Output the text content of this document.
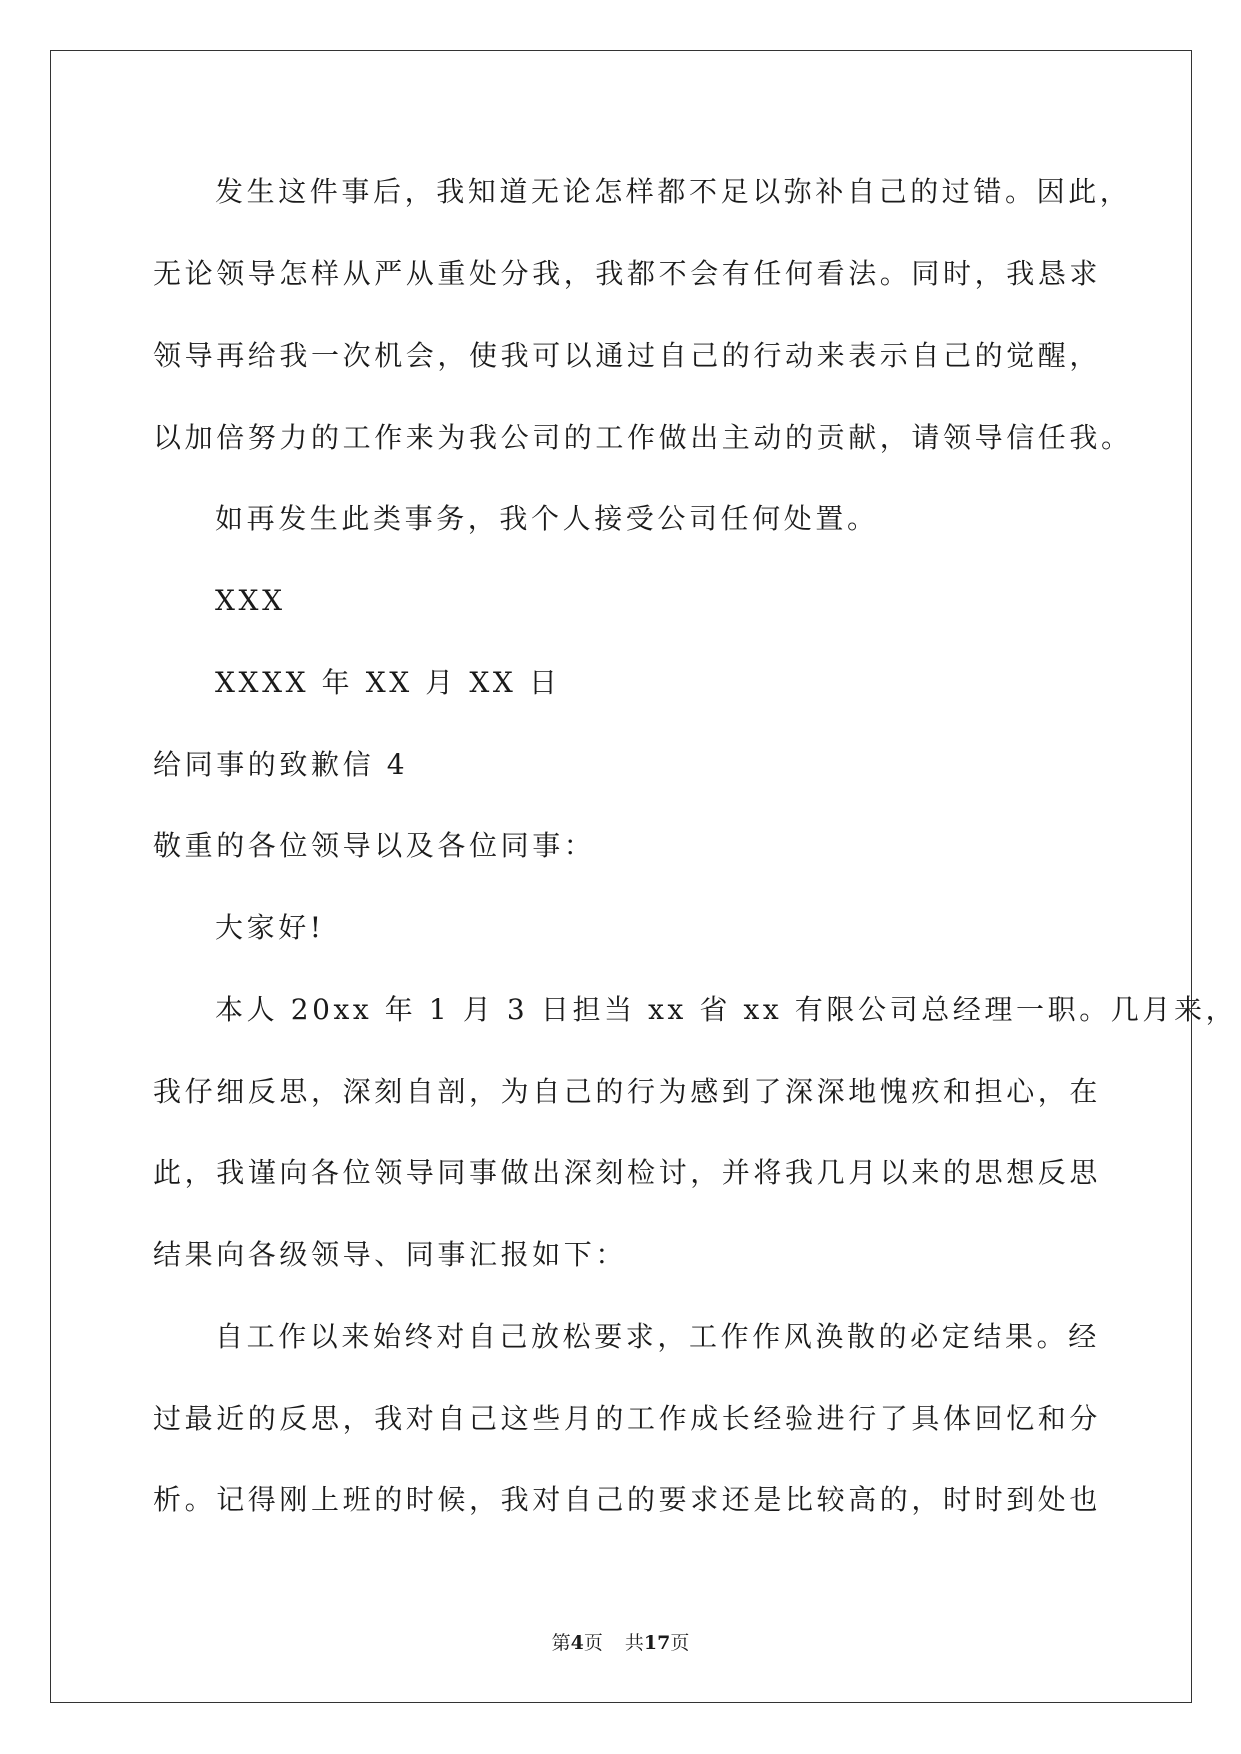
发生这件事后，我知道无论怎样都不足以弥补自己的过错。因此，
无论领导怎样从严从重处分我，我都不会有任何看法。同时，我恳求
领导再给我一次机会，使我可以通过自己的行动来表示自己的觉醒，
以加倍努力的工作来为我公司的工作做出主动的贡献，请领导信任我。
如再发生此类事务，我个人接受公司任何处置。
XXX
XXXX 年 XX 月 XX 日
给同事的致歉信 4
敬重的各位领导以及各位同事：
大家好!
本人 20xx 年 1 月 3 日担当 xx 省 xx 有限公司总经理一职。几月来，
我仔细反思，深刻自剖，为自己的行为感到了深深地愧疚和担心，在
此，我谨向各位领导同事做出深刻检讨，并将我几月以来的思想反思
结果向各级领导、同事汇报如下：
自工作以来始终对自己放松要求，工作作风涣散的必定结果。经
过最近的反思，我对自己这些月的工作成长经验进行了具体回忆和分
析。记得刚上班的时候，我对自己的要求还是比较高的，时时到处也
第4页 共17页
